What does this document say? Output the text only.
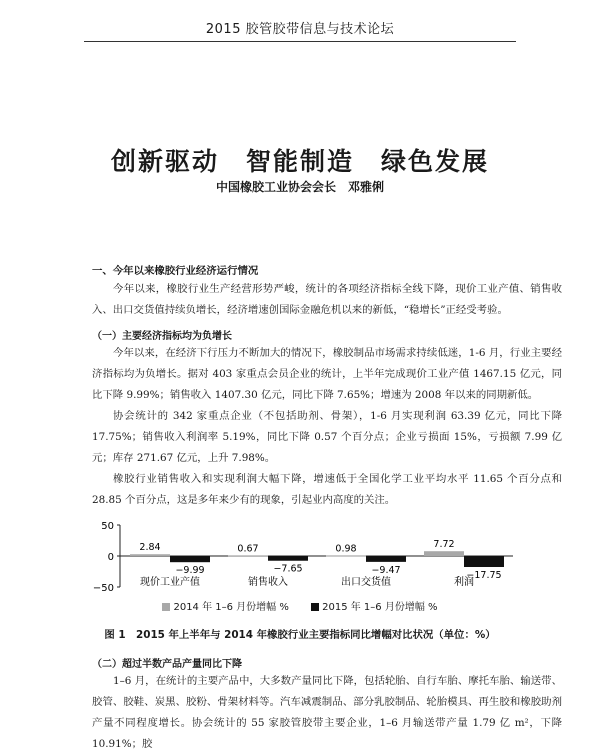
2015 胶管胶带信息与技术论坛
创新驱动　智能制造　绿色发展
中国橡胶工业协会会长　邓雅俐
一、今年以来橡胶行业经济运行情况
今年以来，橡胶行业生产经营形势严峻，统计的各项经济指标全线下降，现价工业产值、销售收入、出口交货值持续负增长，经济增速创国际金融危机以来的新低，“稳增长”正经受考验。
（一）主要经济指标均为负增长
今年以来，在经济下行压力不断加大的情况下，橡胶制品市场需求持续低迷，1-6 月，行业主要经济指标均为负增长。据对 403 家重点会员企业的统计，上半年完成现价工业产值 1467.15 亿元，同比下降 9.99%；销售收入 1407.30 亿元，同比下降 7.65%；增速为 2008 年以来的同期新低。
协会统计的 342 家重点企业（不包括助剂、骨架），1-6 月实现利润 63.39 亿元，同比下降 17.75%；销售收入利润率 5.19%，同比下降 0.57 个百分点；企业亏损面 15%，亏损额 7.99 亿元；库存 271.67 亿元，上升 7.98%。
橡胶行业销售收入和实现利润大幅下降，增速低于全国化学工业平均水平 11.65 个百分点和 28.85 个百分点，这是多年来少有的现象，引起业内高度的关注。
50
0
−50
2.84
−9.99
现价工业产值
0.67
−7.65
销售收入
0.98
−9.47
出口交货值
7.72
−17.75
利润
2014 年 1–6 月份增幅 %	2015 年 1–6 月份增幅 %
图 1　2015 年上半年与 2014 年橡胶行业主要指标同比增幅对比状况（单位：%）
（二）超过半数产品产量同比下降
1–6 月，在统计的主要产品中，大多数产量同比下降，包括轮胎、自行车胎、摩托车胎、输送带、胶管、胶鞋、炭黑、胶粉、骨架材料等。汽车减震制品、部分乳胶制品、轮胎模具、再生胶和橡胶助剂产量不同程度增长。协会统计的 55 家胶管胶带主要企业，1–6 月输送带产量 1.79 亿 m²，下降 10.91%；胶
